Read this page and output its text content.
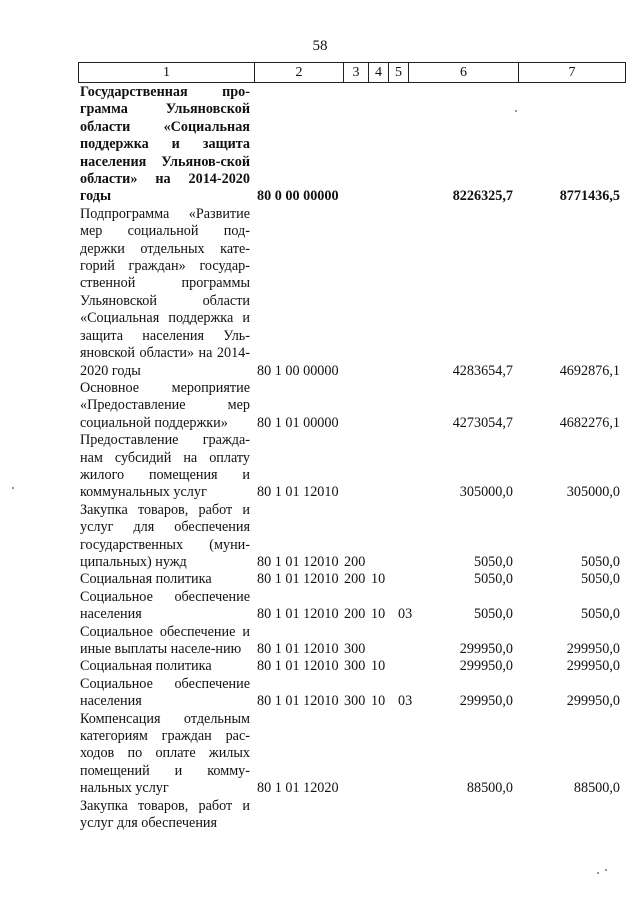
58
1	2	3	4 5	6	7
Государственная про-граммa Ульяновской области «Социальная поддержка и защита населения Ульянов-ской области» на 2014-2020 годы	80 0 00 00000	8226325,7	8771436,5
Подпрограмма «Развитие мер социальной под-держки отдельных кате-горий граждан» государ-ственной программы Ульяновской области «Социальная поддержка и защита населения Уль-яновской области» на 2014-2020 годы	80 1 00 00000	4283654,7	4692876,1
Основное мероприятие «Предоставление мер социальной поддержки»	80 1 01 00000	4273054,7	4682276,1
Предоставление гражда-нам субсидий на оплату жилого помещения и коммунальных услуг	80 1 01 12010	305000,0	305000,0
Закупка товаров, работ и услуг для обеспечения государственных (муни-ципальных) нужд	80 1 01 12010 200	5050,0	5050,0
Социальная политика	80 1 01 12010 200 10	5050,0	5050,0
Социальное обеспечение населения	80 1 01 12010 200 10 03	5050,0	5050,0
Социальное обеспечение и иные выплаты населе-нию	80 1 01 12010 300	299950,0	299950,0
Социальная политика	80 1 01 12010 300 10	299950,0	299950,0
Социальное обеспечение населения	80 1 01 12010 300 10 03	299950,0	299950,0
Компенсация отдельным категориям граждан рас-ходов по оплате жилых помещений и комму-нальных услуг	80 1 01 12020	88500,0	88500,0
Закупка товаров, работ и услуг для обеспечения
